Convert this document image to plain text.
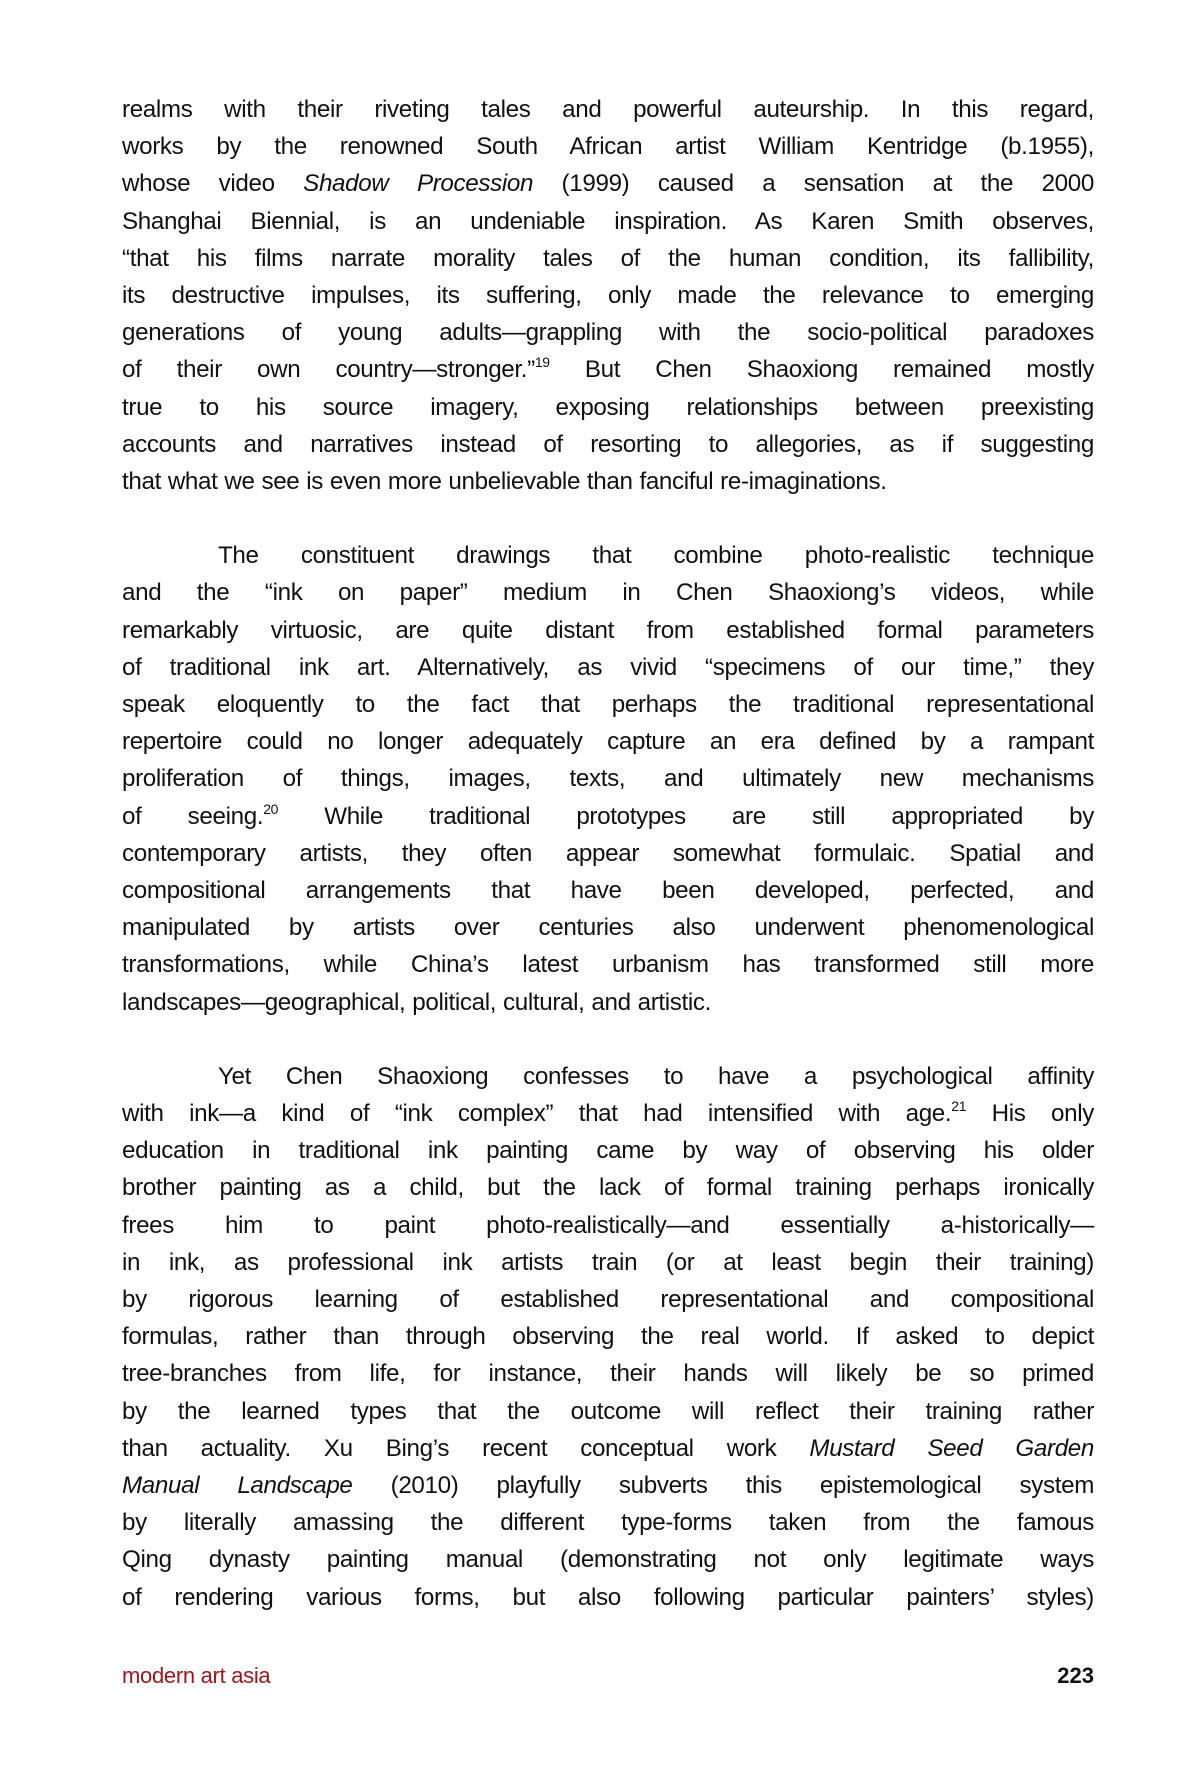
realms with their riveting tales and powerful auteurship. In this regard,
works by the renowned South African artist William Kentridge (b.1955),
whose video Shadow Procession (1999) caused a sensation at the 2000
Shanghai Biennial, is an undeniable inspiration. As Karen Smith observes,
“that his films narrate morality tales of the human condition, its fallibility,
its destructive impulses, its suffering, only made the relevance to emerging
generations of young adults—grappling with the socio-political paradoxes
of their own country—stronger.”$^{19}$ But Chen Shaoxiong remained mostly
true to his source imagery, exposing relationships between preexisting
accounts and narratives instead of resorting to allegories, as if suggesting
that what we see is even more unbelievable than fanciful re-imaginations.
The constituent drawings that combine photo-realistic technique
and the “ink on paper” medium in Chen Shaoxiong’s videos, while
remarkably virtuosic, are quite distant from established formal parameters
of traditional ink art. Alternatively, as vivid “specimens of our time,” they
speak eloquently to the fact that perhaps the traditional representational
repertoire could no longer adequately capture an era defined by a rampant
proliferation of things, images, texts, and ultimately new mechanisms
of seeing.$^{20}$ While traditional prototypes are still appropriated by
contemporary artists, they often appear somewhat formulaic. Spatial and
compositional arrangements that have been developed, perfected, and
manipulated by artists over centuries also underwent phenomenological
transformations, while China’s latest urbanism has transformed still more
landscapes—geographical, political, cultural, and artistic.
Yet Chen Shaoxiong confesses to have a psychological affinity
with ink—a kind of “ink complex” that had intensified with age.$^{21}$ His only
education in traditional ink painting came by way of observing his older
brother painting as a child, but the lack of formal training perhaps ironically
frees him to paint photo-realistically—and essentially a-historically—
in ink, as professional ink artists train (or at least begin their training)
by rigorous learning of established representational and compositional
formulas, rather than through observing the real world. If asked to depict
tree-branches from life, for instance, their hands will likely be so primed
by the learned types that the outcome will reflect their training rather
than actuality. Xu Bing’s recent conceptual work Mustard Seed Garden
Manual Landscape (2010) playfully subverts this epistemological system
by literally amassing the different type-forms taken from the famous
Qing dynasty painting manual (demonstrating not only legitimate ways
of rendering various forms, but also following particular painters’ styles)
modern art asia	223
